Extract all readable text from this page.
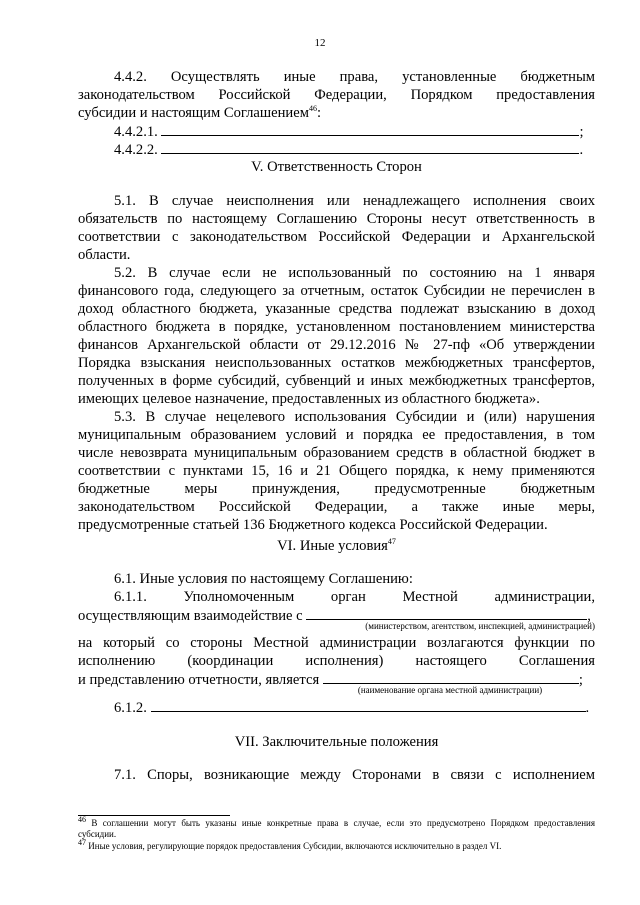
12
4.4.2. Осуществлять иные права, установленные бюджетным
законодательством Российской Федерации, Порядком предоставления
субсидии и настоящим Соглашением$^{46}$:
4.4.2.1.	;
4.4.2.2.	.
V. Ответственность Сторон
5.1. В случае неисполнения или ненадлежащего исполнения своих
обязательств по настоящему Соглашению Стороны несут ответственность в
соответствии с законодательством Российской Федерации и Архангельской
области.
5.2. В случае если не использованный по состоянию на 1 января
финансового года, следующего за отчетным, остаток Субсидии не перечислен в
доход областного бюджета, указанные средства подлежат взысканию в доход
областного бюджета в порядке, установленном постановлением министерства
финансов Архангельской области от 29.12.2016 № 27-пф «Об утверждении
Порядка взыскания неиспользованных остатков межбюджетных трансфертов,
полученных в форме субсидий, субвенций и иных межбюджетных трансфертов,
имеющих целевое назначение, предоставленных из областного бюджета».
5.3. В случае нецелевого использования Субсидии и (или) нарушения
муниципальным образованием условий и порядка ее предоставления, в том
числе невозврата муниципальным образованием средств в областной бюджет в
соответствии с пунктами 15, 16 и 21 Общего порядка, к нему применяются
бюджетные меры принуждения, предусмотренные бюджетным
законодательством Российской Федерации, а также иные меры,
предусмотренные статьей 136 Бюджетного кодекса Российской Федерации.
VI. Иные условия$^{47}$
6.1. Иные условия по настоящему Соглашению:
6.1.1. Уполномоченным орган Местной администрации,
осуществляющим взаимодействие с	,
(министерством, агентством, инспекцией, администрацией)
на который со стороны Местной администрации возлагаются функции по
исполнению (координации исполнения) настоящего Соглашения
и представлению отчетности, является	;
(наименование органа местной администрации)
6.1.2.	.
VII. Заключительные положения
7.1. Споры, возникающие между Сторонами в связи с исполнением
$^{46}$ В соглашении могут быть указаны иные конкретные права в случае, если это предусмотрено Порядком предоставления
субсидии.
$^{47}$ Иные условия, регулирующие порядок предоставления Субсидии, включаются исключительно в раздел VI.
